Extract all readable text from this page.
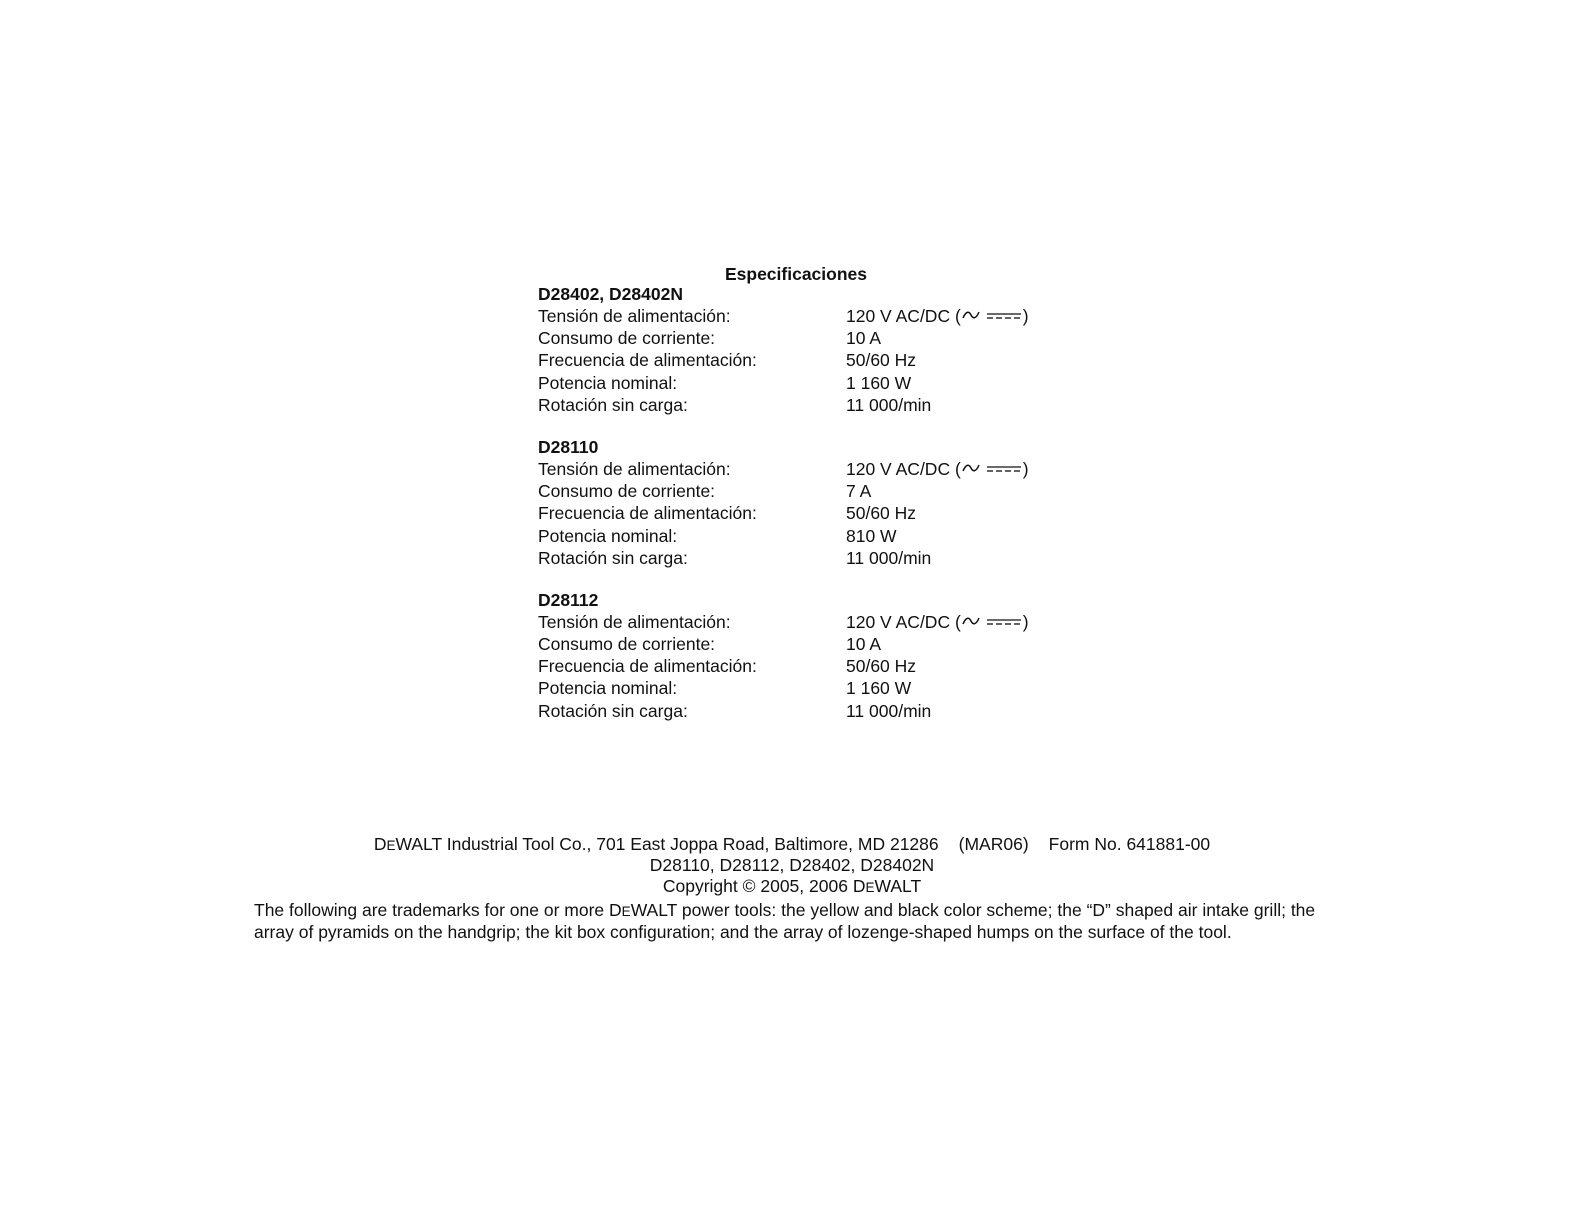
Especificaciones
D28402, D28402N
Tensión de alimentación:	120 V AC/DC (	)
Consumo de corriente:	10 A
Frecuencia de alimentación:	50/60 Hz
Potencia nominal:	1 160 W
Rotación sin carga:	11 000/min
D28110
Tensión de alimentación:	120 V AC/DC (	)
Consumo de corriente:	7 A
Frecuencia de alimentación:	50/60 Hz
Potencia nominal:	810 W
Rotación sin carga:	11 000/min
D28112
Tensión de alimentación:	120 V AC/DC (	)
Consumo de corriente:	10 A
Frecuencia de alimentación:	50/60 Hz
Potencia nominal:	1 160 W
Rotación sin carga:	11 000/min
DEWALT Industrial Tool Co., 701 East Joppa Road, Baltimore, MD 21286 (MAR06) Form No. 641881-00
D28110, D28112, D28402, D28402N
Copyright © 2005, 2006 DEWALT
The following are trademarks for one or more DEWALT power tools: the yellow and black color scheme; the “D” shaped air intake grill; the array of pyramids on the handgrip; the kit box configuration; and the array of lozenge-shaped humps on the surface of the tool.
